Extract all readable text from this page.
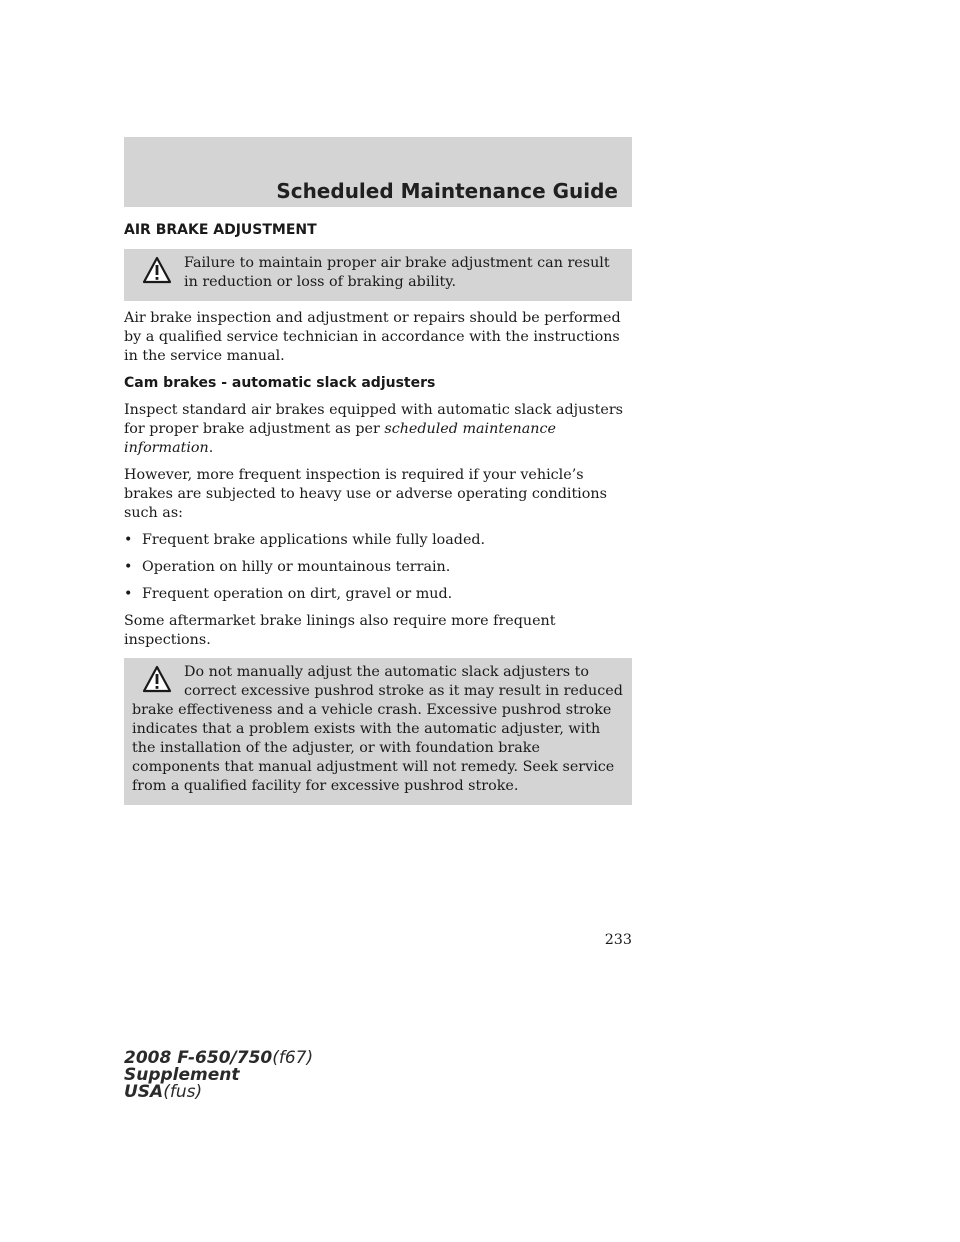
Scheduled Maintenance Guide
AIR BRAKE ADJUSTMENT

Failure to maintain proper air brake adjustment can result in reduction or loss of braking ability.

Air brake inspection and adjustment or repairs should be performed by a qualified service technician in accordance with the instructions in the service manual.

Cam brakes - automatic slack adjusters

Inspect standard air brakes equipped with automatic slack adjusters for proper brake adjustment as per scheduled maintenance information.

However, more frequent inspection is required if your vehicle’s brakes are subjected to heavy use or adverse operating conditions such as:

• Frequent brake applications while fully loaded.
• Operation on hilly or mountainous terrain.
• Frequent operation on dirt, gravel or mud.

Some aftermarket brake linings also require more frequent inspections.

Do not manually adjust the automatic slack adjusters to correct excessive pushrod stroke as it may result in reduced brake effectiveness and a vehicle crash. Excessive pushrod stroke indicates that a problem exists with the automatic adjuster, with the installation of the adjuster, or with foundation brake components that manual adjustment will not remedy. Seek service from a qualified facility for excessive pushrod stroke.

233
2008 F-650/750(f67)
Supplement
USA(fus)
